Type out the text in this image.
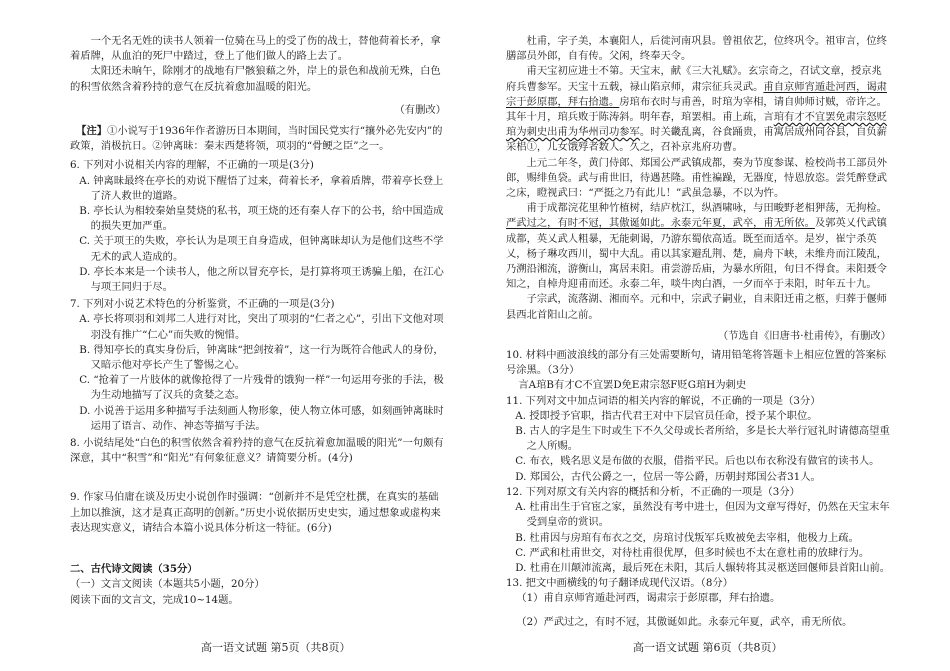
一个无名无姓的读书人领着一位骑在马上的受了伤的战士，替他荷着长矛，拿着盾牌，从血泊的死尸中踏过，登上了他们做人的路上去了。

太阳还未晌午，除刚才的战地有尸骸狼藉之外，岸上的景色和战前无殊，白色的积雪依然含着矜持的意气在反抗着愈加温暖的阳光。

（有删改）

【注】①小说写于1936年作者游历日本期间，当时国民党实行“攘外必先安内”的政策，消极抗日。②钟离昧：秦末西楚将领，项羽的“骨鲠之臣”之一。

6. 下列对小说相关内容的理解，不正确的一项是(3分)

A. 钟离昧最终在亭长的劝说下醒悟了过来，荷着长矛，拿着盾牌，带着亭长登上了济人救世的道路。

B. 亭长认为相较秦始皇焚烧的私书，项王烧的还有秦人存下的公书，给中国造成的损失更加严重。

C. 关于项王的失败，亭长认为是项王自身造成，但钟离昧却认为是他们这些不学无术的武人造成的。

D. 亭长本来是一个读书人，他之所以冒充亭长，是打算将项王诱骗上船，在江心与项王同归于尽。

7. 下列对小说艺术特色的分析鉴赏，不正确的一项是(3分)

A. 亭长将项羽和刘邦二人进行对比，突出了项羽的“仁者之心”，引出下文他对项羽没有推广“仁心”而失败的惋惜。

B. 得知亭长的真实身份后，钟离昧“把剑按着”，这一行为既符合他武人的身份，又暗示他对亭长产生了警惕之心。

C. “抢着了一片肢体的就像抢得了一片残骨的饿狗一样”一句运用夸张的手法，极为生动地描写了汉兵的贪婪之态。

D. 小说善于运用多种描写手法刻画人物形象，使人物立体可感，如刻画钟离昧时运用了语言、动作、神态等描写手法。

8. 小说结尾处“白色的积雪依然含着矜持的意气在反抗着愈加温暖的阳光”一句颇有深意，其中“积雪”和“阳光”有何象征意义？请简要分析。(4分)

9. 作家马伯庸在谈及历史小说创作时强调：“创新并不是凭空杜撰，在真实的基础上加以推演，这才是真正高明的创新。”历史小说依据历史史实，通过想象或虚构来表达现实意义，请结合本篇小说具体分析这一特征。(6分)

二、古代诗文阅读（35分）

（一）文言文阅读（本题共5小题，20分）

阅读下面的文言文，完成10~14题。

高一语文试题 第5页（共8页）

杜甫，字子美，本襄阳人，后徙河南巩县。曾祖依艺，位终巩令。祖审言，位终膳部员外郎，自有传。父闲，终奉天令。

甫天宝初应进士不第。天宝末，献《三大礼赋》。玄宗奇之，召试文章，授京兆府兵曹参军。天宝十五载，禄山陷京师，肃宗征兵灵武。甫自京师宵遁赴河西，谒肃宗于彭原郡，拜右拾遗。房琯布衣时与甫善，时琯为宰相，请自帅师讨贼，帝许之。其年十月，琯兵败于陈涛斜。明年春，琯罢相。甫上疏，言琯有才不宜罢免肃宗怒贬琯为刺史出甫为华州司功参军。时关畿乱离，谷食踊贵，甫寓居成州同谷县，自负薪采梠①，儿女饿殍者数人。久之，召补京兆府功曹。

上元二年冬，黄门侍郎、郑国公严武镇成都，奏为节度参谋、检校尚书工部员外郎，赐绯鱼袋。武与甫世旧，待遇甚隆。甫性褊躁，无器度，恃恩放恣。尝凭醉登武之床，瞪视武曰：“严挺之乃有此儿！”武虽急暴，不以为忤。

甫于成都浣花里种竹植树，结庐枕江，纵酒啸咏，与田畯野老相狎荡，无拘检。严武过之，有时不冠，其傲诞如此。永泰元年夏，武卒，甫无所依。及郭英乂代武镇成都，英乂武人粗暴，无能刺谒，乃游东蜀依高适。既至而适卒。是岁，崔宁杀英乂，杨子琳攻西川，蜀中大乱。甫以其家避乱荆、楚，扁舟下峡，未维舟而江陵乱，乃溯沿湘流，游衡山，寓居耒阳。甫尝游岳庙，为暴水所阻，旬日不得食。耒阳聂令知之，自棹舟迎甫而还。永泰二年，啖牛肉白酒，一夕而卒于耒阳，时年五十九。

子宗武，流落湖、湘而卒。元和中，宗武子嗣业，自耒阳迁甫之柩，归葬于偃师县西北首阳山之前。

（节选自《旧唐书·杜甫传》，有删改）

10. 材料中画波浪线的部分有三处需要断句，请用铅笔将答题卡上相应位置的答案标号涂黑。（3分）

言A琯B有才C不宜罢D免E肃宗怒F贬G琯H为刺史

11. 下列对文中加点词语的相关内容的解说，不正确的一项是（3分）

A. 授即授予官职，指古代君王对中下层官员任命，授予某个职位。

B. 古人的字是生下时或生下不久父母或长者所给，多是长大举行冠礼时请德高望重之人所赐。

C. 布衣，贱名思义是布做的衣服，借指平民。后也以布衣称没有做官的读书人。

D. 郑国公，古代公爵之一，位居一等公爵，历朝封郑国公者31人。

12. 下列对原文有关内容的概括和分析，不正确的一项是（3分）

A. 杜甫出生于官宦之家，虽然没有考中进士，但因为文章写得好，仍然在天宝末年受到皇帝的赏识。

B. 杜甫因与房琯有布衣之交，房琯讨伐叛军兵败被免去宰相，他极力上疏。

C. 严武和杜甫世交，对待杜甫很优厚，但多时候也不太在意杜甫的放肆行为。

D. 杜甫在川颠沛流离，最后死在未阳，其后人辗转将其灵柩送回偃师县首阳山前。

13. 把文中画横线的句子翻译成现代汉语。（8分）

（1）甫自京师宵遁赴河西，谒肃宗于彭原郡，拜右拾遗。

（2）严武过之，有时不冠，其傲诞如此。永泰元年夏，武卒，甫无所依。

高一语文试题 第6页（共8页）
